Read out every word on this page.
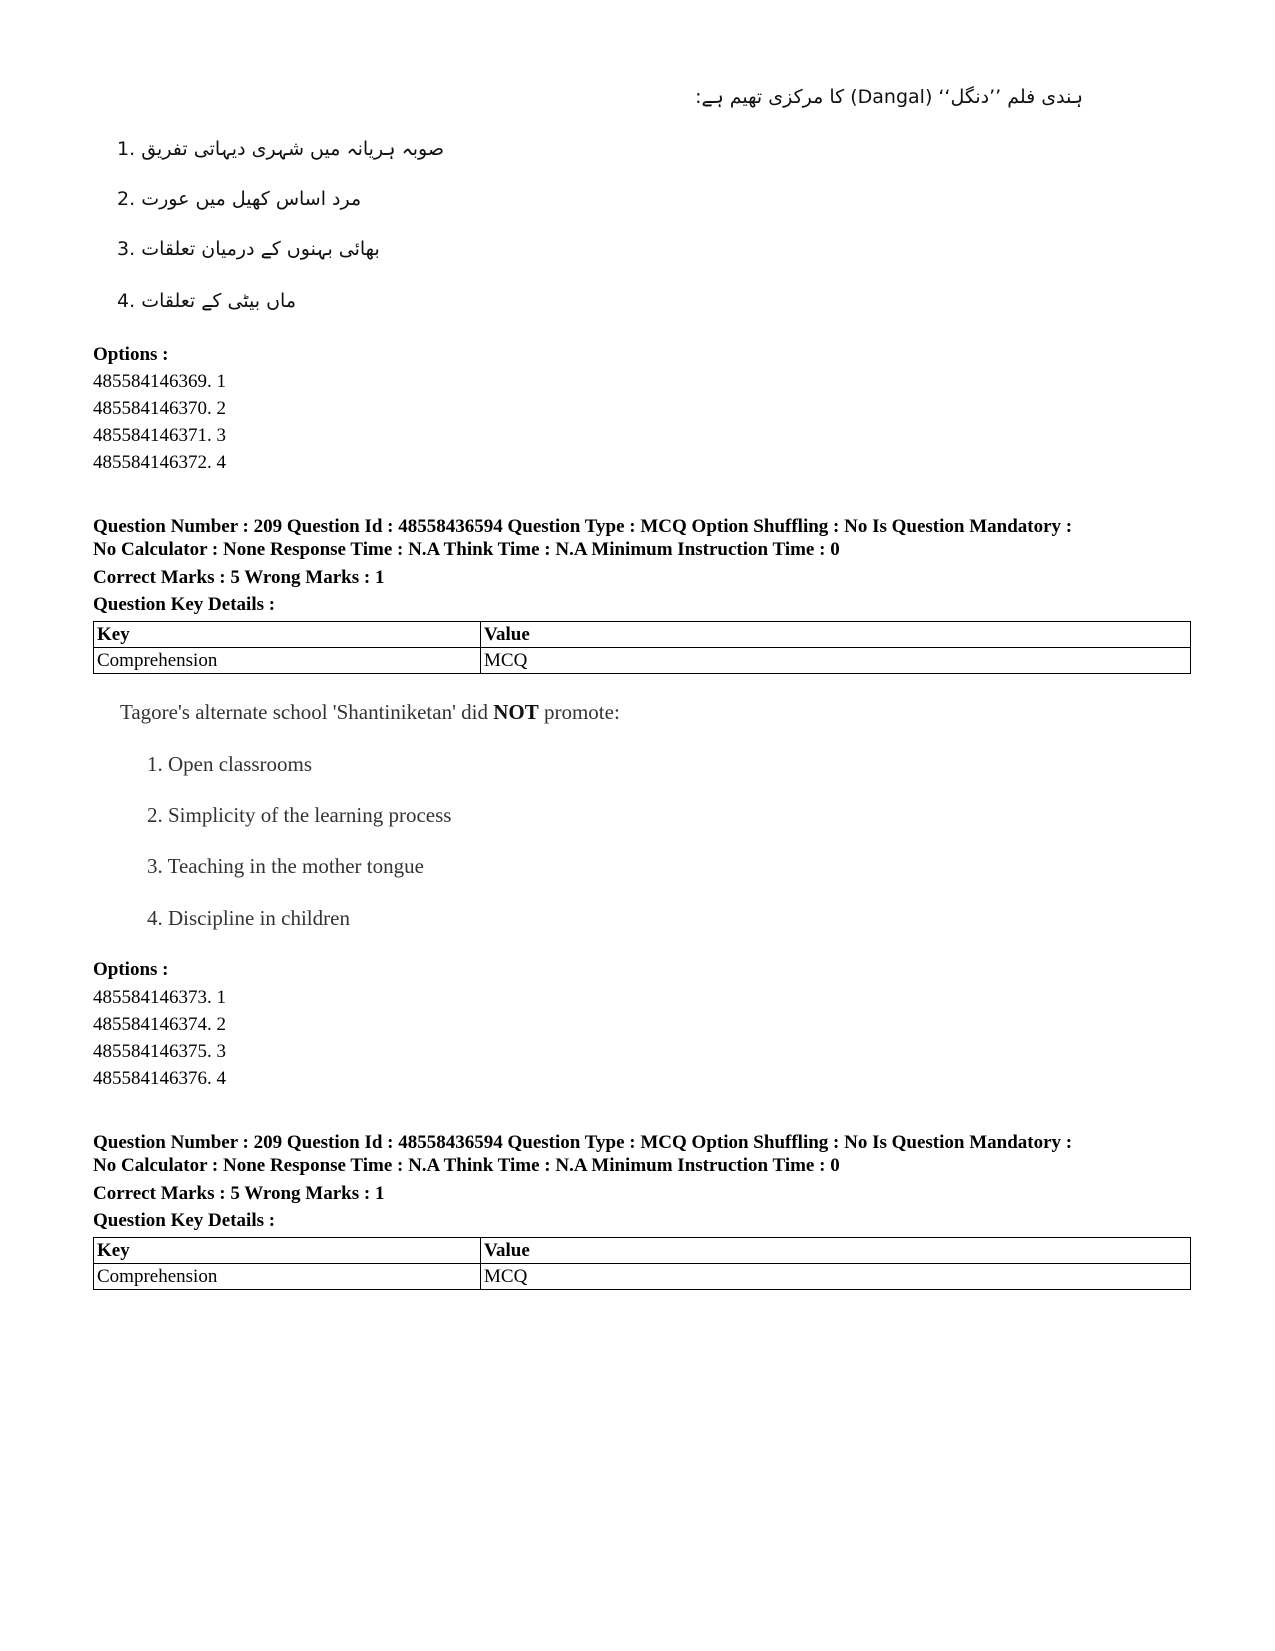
ہندی فلم ’’دنگل‘‘ (Dangal) کا مرکزی تھیم ہے:
1. صوبہ ہریانہ میں شہری دیہاتی تفریق
2. مرد اساس کھیل میں عورت
3. بھائی بہنوں کے درمیان تعلقات
4. ماں بیٹی کے تعلقات
Options :
485584146369. 1
485584146370. 2
485584146371. 3
485584146372. 4
Question Number : 209 Question Id : 48558436594 Question Type : MCQ Option Shuffling : No Is Question Mandatory :
No Calculator : None Response Time : N.A Think Time : N.A Minimum Instruction Time : 0
Correct Marks : 5 Wrong Marks : 1
Question Key Details :
Key	Value
Comprehension	MCQ
Tagore's alternate school 'Shantiniketan' did NOT promote:
1. Open classrooms
2. Simplicity of the learning process
3. Teaching in the mother tongue
4. Discipline in children
Options :
485584146373. 1
485584146374. 2
485584146375. 3
485584146376. 4
Question Number : 209 Question Id : 48558436594 Question Type : MCQ Option Shuffling : No Is Question Mandatory :
No Calculator : None Response Time : N.A Think Time : N.A Minimum Instruction Time : 0
Correct Marks : 5 Wrong Marks : 1
Question Key Details :
Key	Value
Comprehension	MCQ
